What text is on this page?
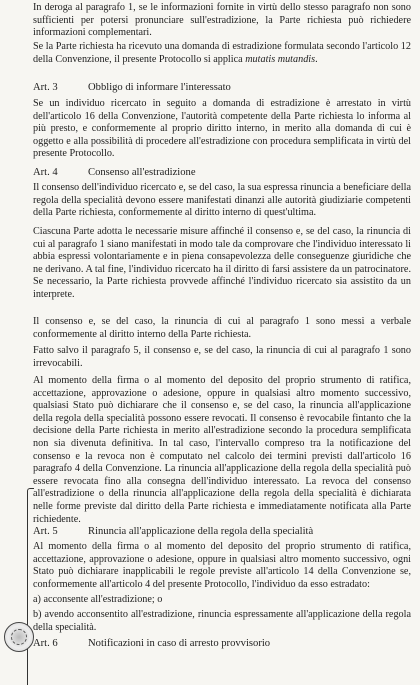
In deroga al paragrafo 1, se le informazioni fornite in virtù dello stesso paragrafo non sono sufficienti per potersi pronunciare sull'estradizione, la Parte richiesta può richiedere informazioni complementari.

Se la Parte richiesta ha ricevuto una domanda di estradizione formulata secondo l'articolo 12 della Convenzione, il presente Protocollo si applica mutatis mutandis.

Art. 3	Obbligo di informare l'interessato

Se un individuo ricercato in seguito a domanda di estradizione è arrestato in virtù dell'articolo 16 della Convenzione, l'autorità competente della Parte richiesta lo informa al più presto, e conformemente al proprio diritto interno, in merito alla domanda di cui è oggetto e alla possibilità di procedere all'estradizione con procedura semplificata in virtù del presente Protocollo.

Art. 4	Consenso all'estradizione

Il consenso dell'individuo ricercato e, se del caso, la sua espressa rinuncia a beneficiare della regola della specialità devono essere manifestati dinanzi alle autorità giudiziarie competenti della Parte richiesta, conformemente al diritto interno di quest'ultima.

Ciascuna Parte adotta le necessarie misure affinché il consenso e, se del caso, la rinuncia di cui al paragrafo 1 siano manifestati in modo tale da comprovare che l'individuo interessato li abbia espressi volontariamente e in piena consapevolezza delle conseguenze giuridiche che ne derivano. A tal fine, l'individuo ricercato ha il diritto di farsi assistere da un patrocinatore. Se necessario, la Parte richiesta provvede affinché l'individuo ricercato sia assistito da un interprete.

Il consenso e, se del caso, la rinuncia di cui al paragrafo 1 sono messi a verbale conformemente al diritto interno della Parte richiesta.

Fatto salvo il paragrafo 5, il consenso e, se del caso, la rinuncia di cui al paragrafo 1 sono irrevocabili.

Al momento della firma o al momento del deposito del proprio strumento di ratifica, accettazione, approvazione o adesione, oppure in qualsiasi altro momento successivo, qualsiasi Stato può dichiarare che il consenso e, se del caso, la rinuncia all'applicazione della regola della specialità possono essere revocati. Il consenso è revocabile fintanto che la decisione della Parte richiesta in merito all'estradizione secondo la procedura semplificata non sia divenuta definitiva. In tal caso, l'intervallo compreso tra la notificazione del consenso e la revoca non è computato nel calcolo dei termini previsti dall'articolo 16 paragrafo 4 della Convenzione. La rinuncia all'applicazione della regola della specialità può essere revocata fino alla consegna dell'individuo interessato. La revoca del consenso all'estradizione o della rinuncia all'applicazione della regola della specialità è dichiarata nelle forme previste dal diritto della Parte richiesta e immediatamente notificata alla Parte richiedente.

Art. 5	Rinuncia all'applicazione della regola della specialità

Al momento della firma o al momento del deposito del proprio strumento di ratifica, accettazione, approvazione o adesione, oppure in qualsiasi altro momento successivo, ogni Stato può dichiarare inapplicabili le regole previste all'articolo 14 della Convenzione se, conformemente all'articolo 4 del presente Protocollo, l'individuo da esso estradato:

a) acconsente all'estradizione; o

b) avendo acconsentito all'estradizione, rinuncia espressamente all'applicazione della regola della specialità.

Art. 6	Notificazioni in caso di arresto provvisorio
